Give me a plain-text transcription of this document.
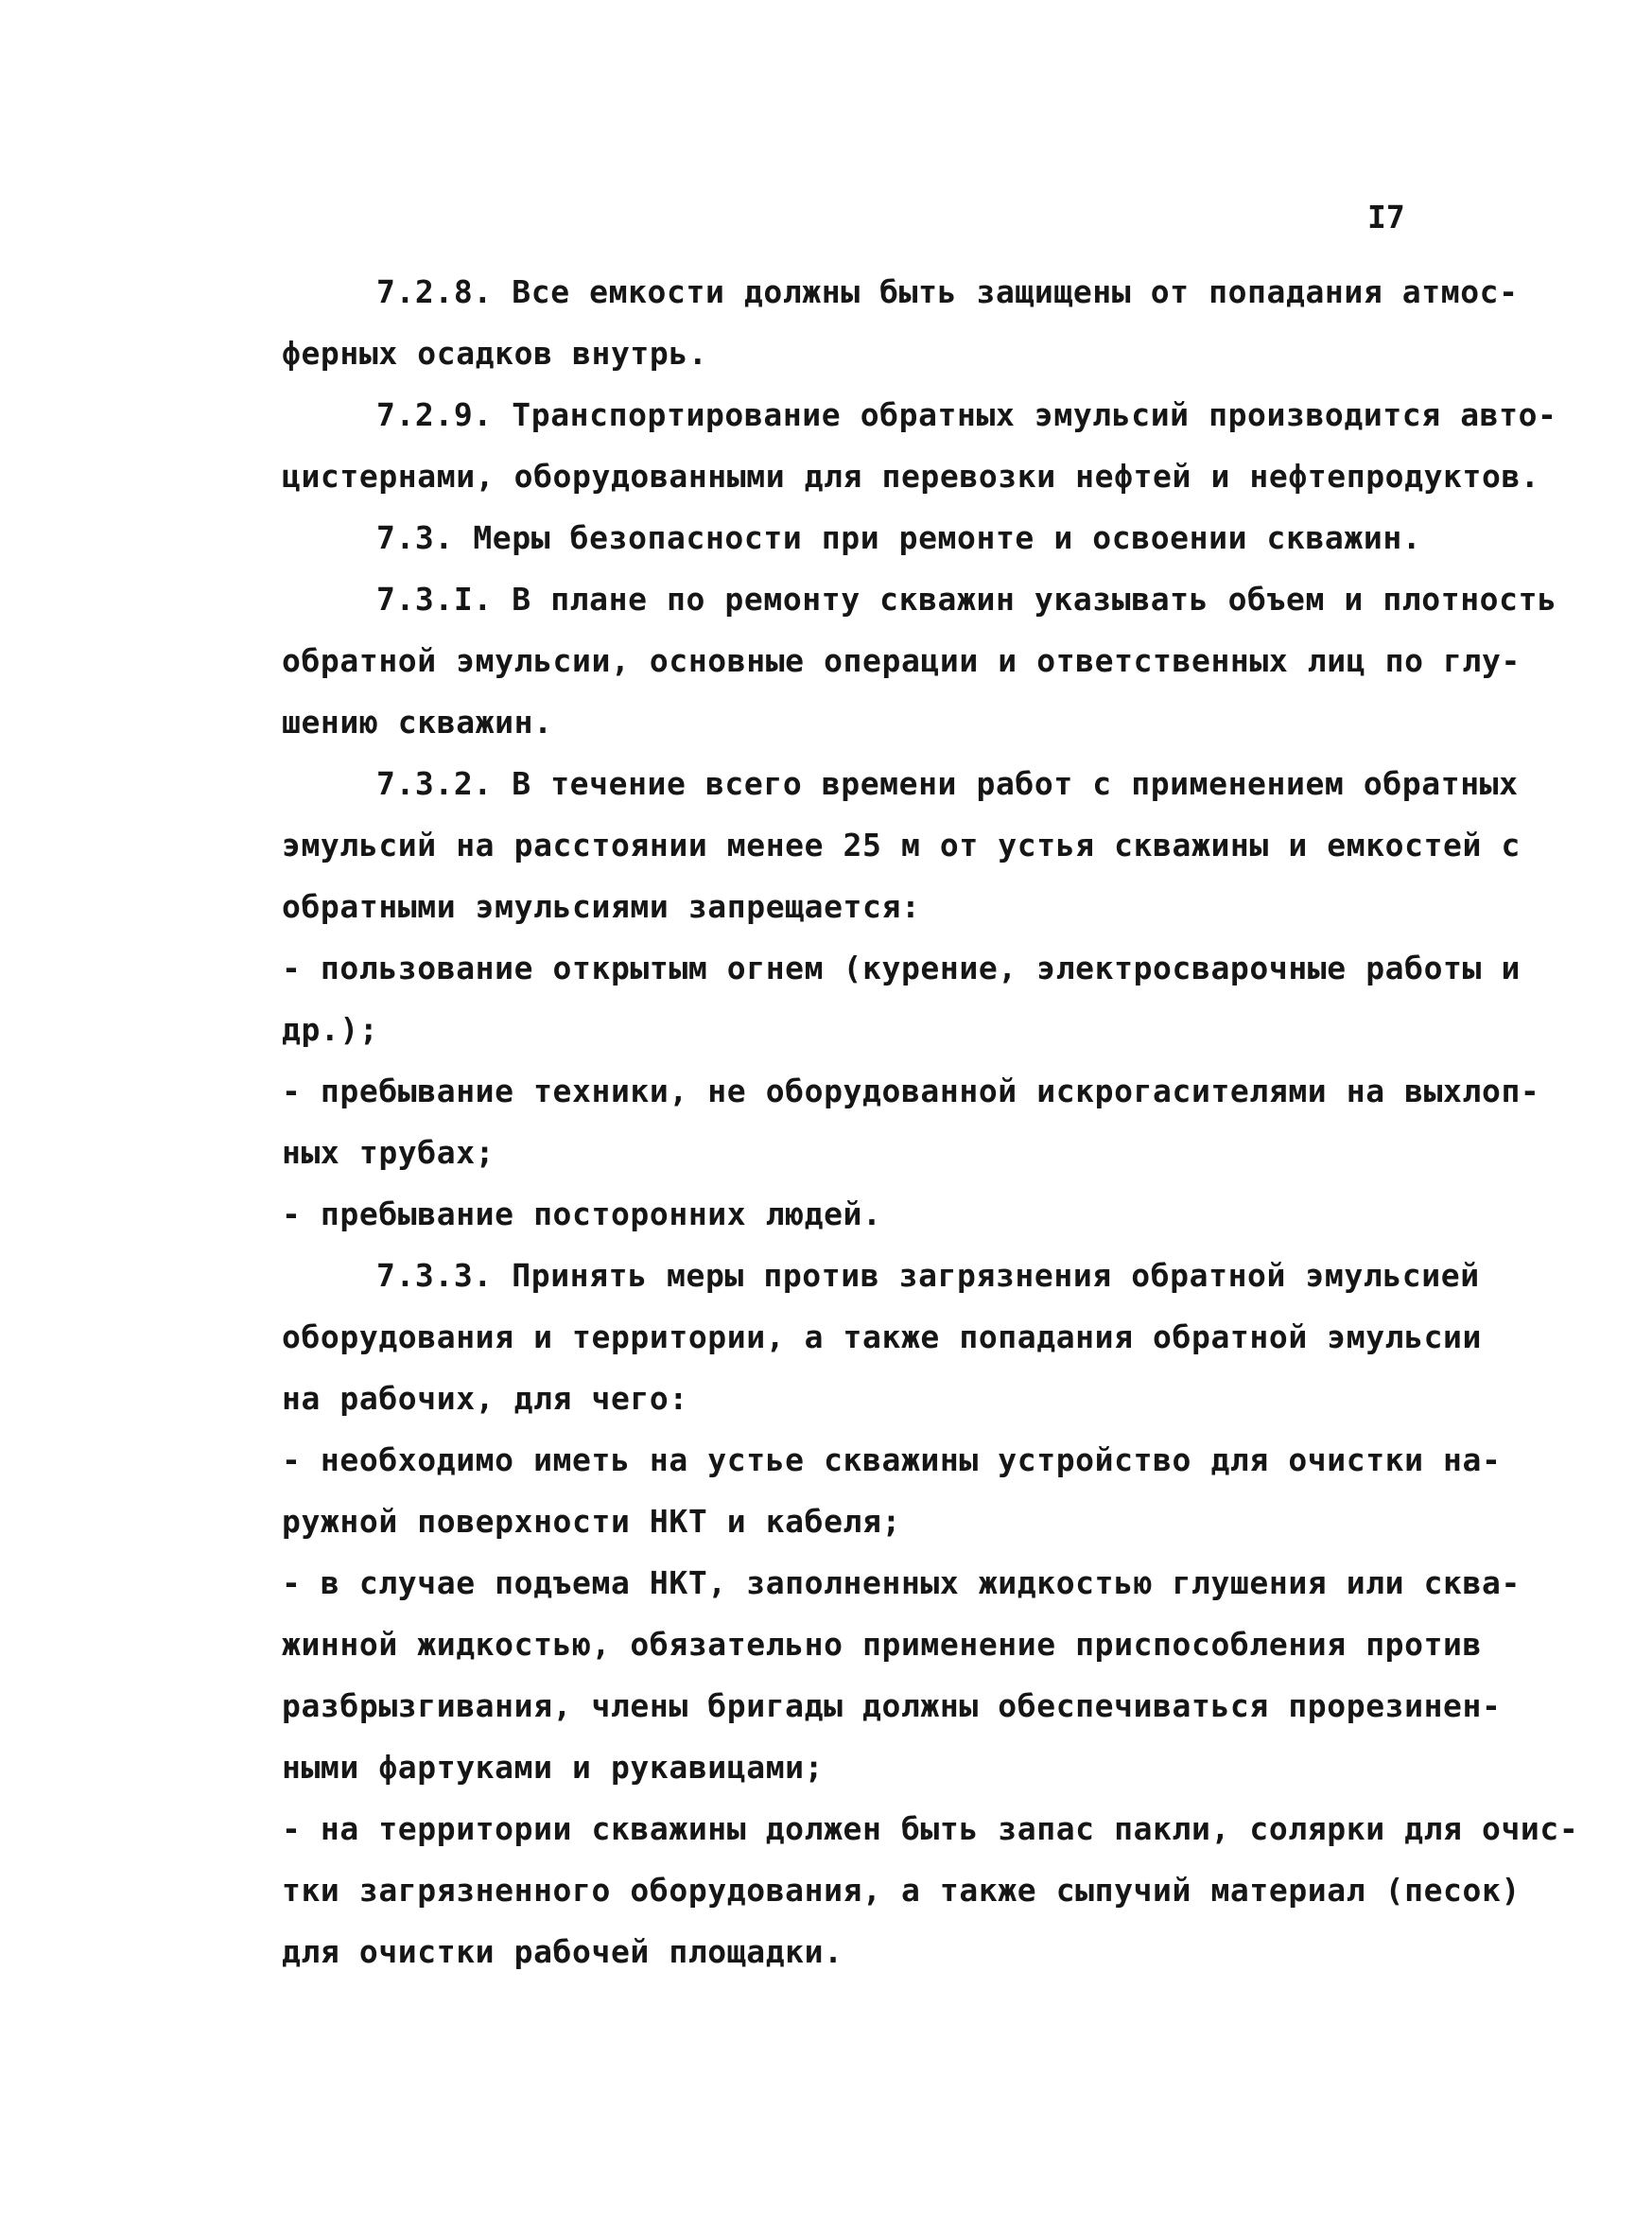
I7
7.2.8. Все емкости должны быть защищены от попадания атмос-
ферных осадков внутрь.
7.2.9. Транспортирование обратных эмульсий производится авто-
цистернами, оборудованными для перевозки нефтей и нефтепродуктов.
7.3. Меры безопасности при ремонте и освоении скважин.
7.3.I. В плане по ремонту скважин указывать объем и плотность
обратной эмульсии, основные операции и ответственных лиц по глу-
шению скважин.
7.3.2. В течение всего времени работ с применением обратных
эмульсий на расстоянии менее 25 м от устья скважины и емкостей с
обратными эмульсиями запрещается:
- пользование открытым огнем (курение, электросварочные работы и
др.);
- пребывание техники, не оборудованной искрогасителями на выхлоп-
ных трубах;
- пребывание посторонних людей.
7.3.3. Принять меры против загрязнения обратной эмульсией
оборудования и территории, а также попадания обратной эмульсии
на рабочих, для чего:
- необходимо иметь на устье скважины устройство для очистки на-
ружной поверхности НКТ и кабеля;
- в случае подъема НКТ, заполненных жидкостью глушения или сква-
жинной жидкостью, обязательно применение приспособления против
разбрызгивания, члены бригады должны обеспечиваться прорезинен-
ными фартуками и рукавицами;
- на территории скважины должен быть запас пакли, солярки для очис-
тки загрязненного оборудования, а также сыпучий материал (песок)
для очистки рабочей площадки.
